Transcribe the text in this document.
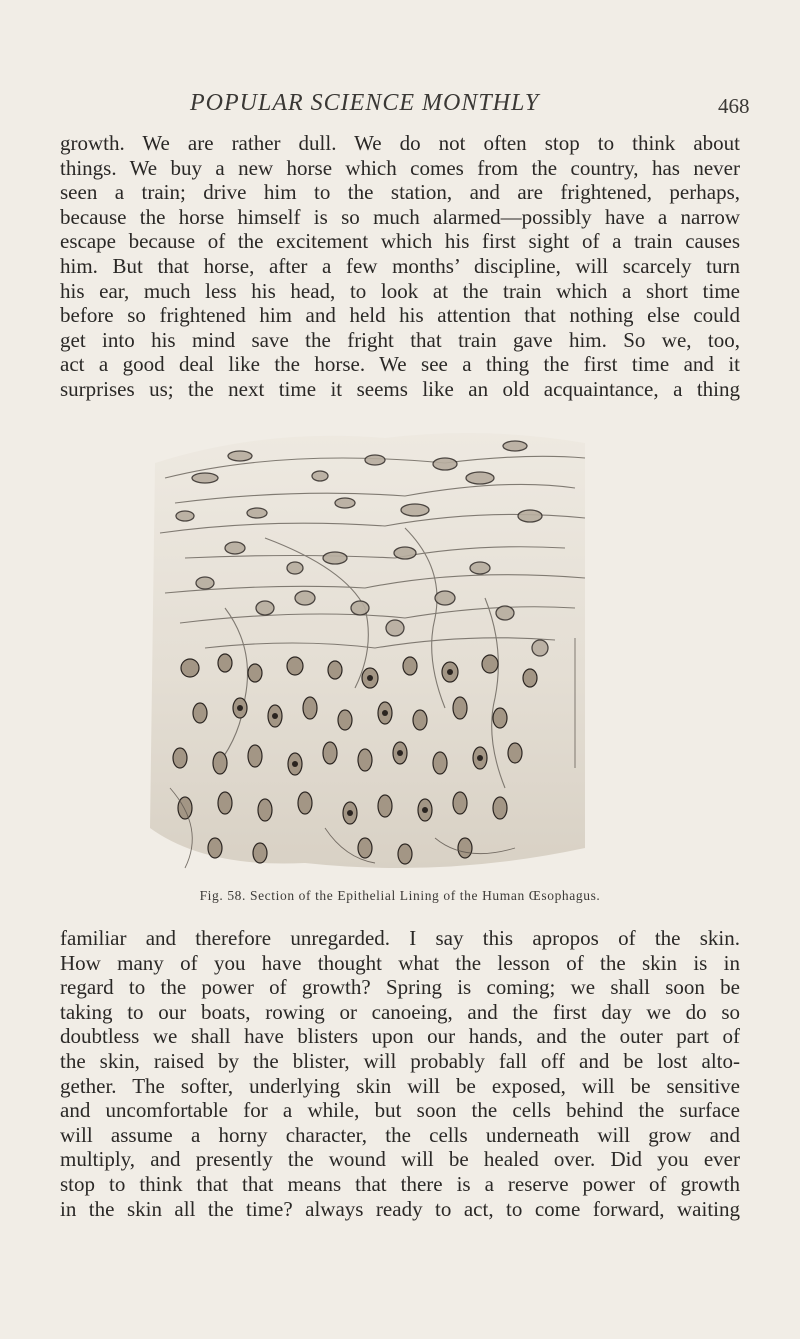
POPULAR SCIENCE MONTHLY	468
growth. We are rather dull. We do not often stop to think about
things. We buy a new horse which comes from the country, has never
seen a train; drive him to the station, and are frightened, perhaps,
because the horse himself is so much alarmed—possibly have a narrow
escape because of the excitement which his first sight of a train causes
him. But that horse, after a few months’ discipline, will scarcely turn
his ear, much less his head, to look at the train which a short time
before so frightened him and held his attention that nothing else could
get into his mind save the fright that train gave him. So we, too,
act a good deal like the horse. We see a thing the first time and it
surprises us; the next time it seems like an old acquaintance, a thing
Fig. 58. Section of the Epithelial Lining of the Human Œsophagus.
familiar and therefore unregarded. I say this apropos of the skin.
How many of you have thought what the lesson of the skin is in
regard to the power of growth? Spring is coming; we shall soon be
taking to our boats, rowing or canoeing, and the first day we do so
doubtless we shall have blisters upon our hands, and the outer part of
the skin, raised by the blister, will probably fall off and be lost alto-
gether. The softer, underlying skin will be exposed, will be sensitive
and uncomfortable for a while, but soon the cells behind the surface
will assume a horny character, the cells underneath will grow and
multiply, and presently the wound will be healed over. Did you ever
stop to think that that means that there is a reserve power of growth
in the skin all the time? always ready to act, to come forward, waiting
